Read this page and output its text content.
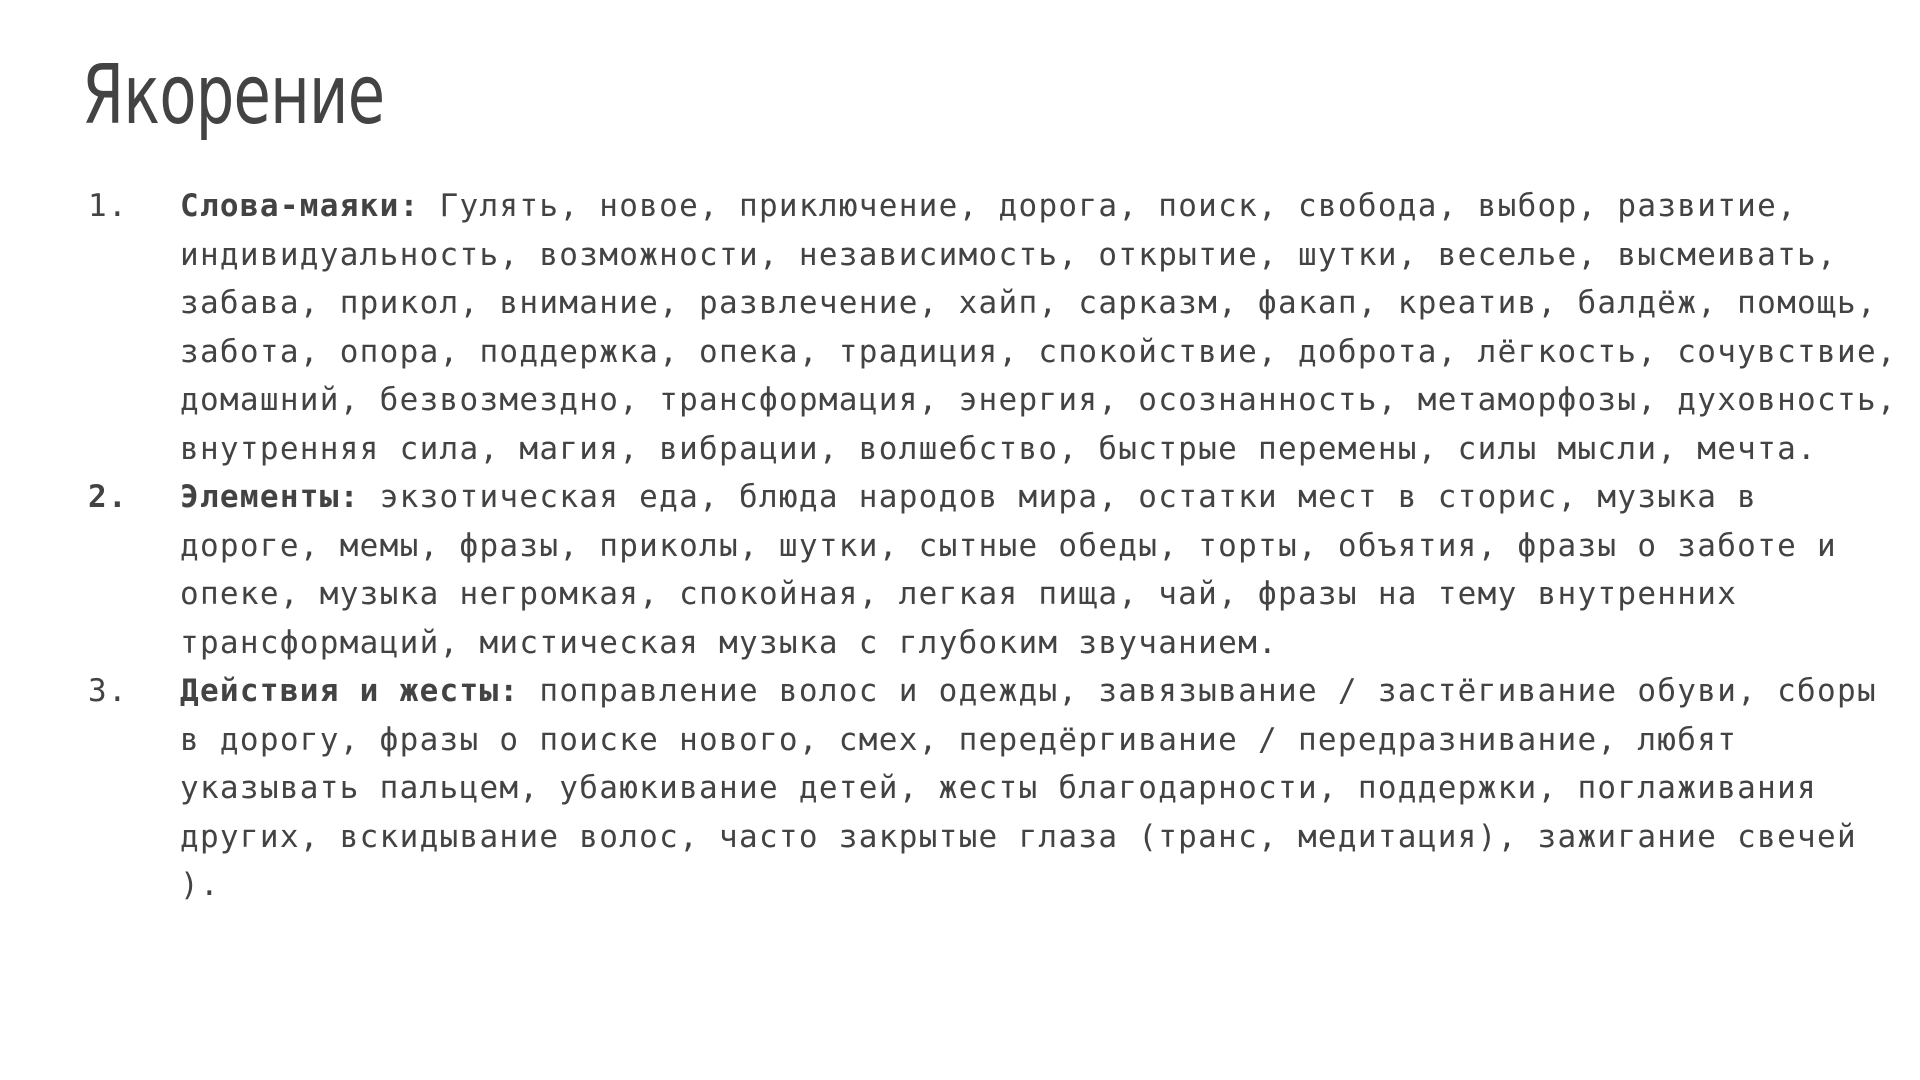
Якорение
1. Слова-маяки: Гулять, новое, приключение, дорога, поиск, свобода, выбор, развитие, индивидуальность, возможности, независимость, открытие, шутки, веселье, высмеивать, забава, прикол, внимание, развлечение, хайп, сарказм, факап, креатив, балдёж, помощь, забота, опора, поддержка, опека, традиция, спокойствие, доброта, лёгкость, сочувствие, домашний, безвозмездно, трансформация, энергия, осознанность, метаморфозы, духовность, внутренняя сила, магия, вибрации, волшебство, быстрые перемены, силы мысли, мечта.
2. Элементы: экзотическая еда, блюда народов мира, остатки мест в сторис, музыка в дороге, мемы, фразы, приколы, шутки, сытные обеды, торты, объятия, фразы о заботе и опеке, музыка негромкая, спокойная, легкая пища, чай, фразы на тему внутренних трансформаций, мистическая музыка с глубоким звучанием.
3. Действия и жесты: поправление волос и одежды, завязывание / застёгивание обуви, сборы в дорогу, фразы о поиске нового, смех, передёргивание / передразнивание, любят указывать пальцем, убаюкивание детей, жесты благодарности, поддержки, поглаживания других, вскидывание волос, часто закрытые глаза (транс, медитация), зажигание свечей ).
